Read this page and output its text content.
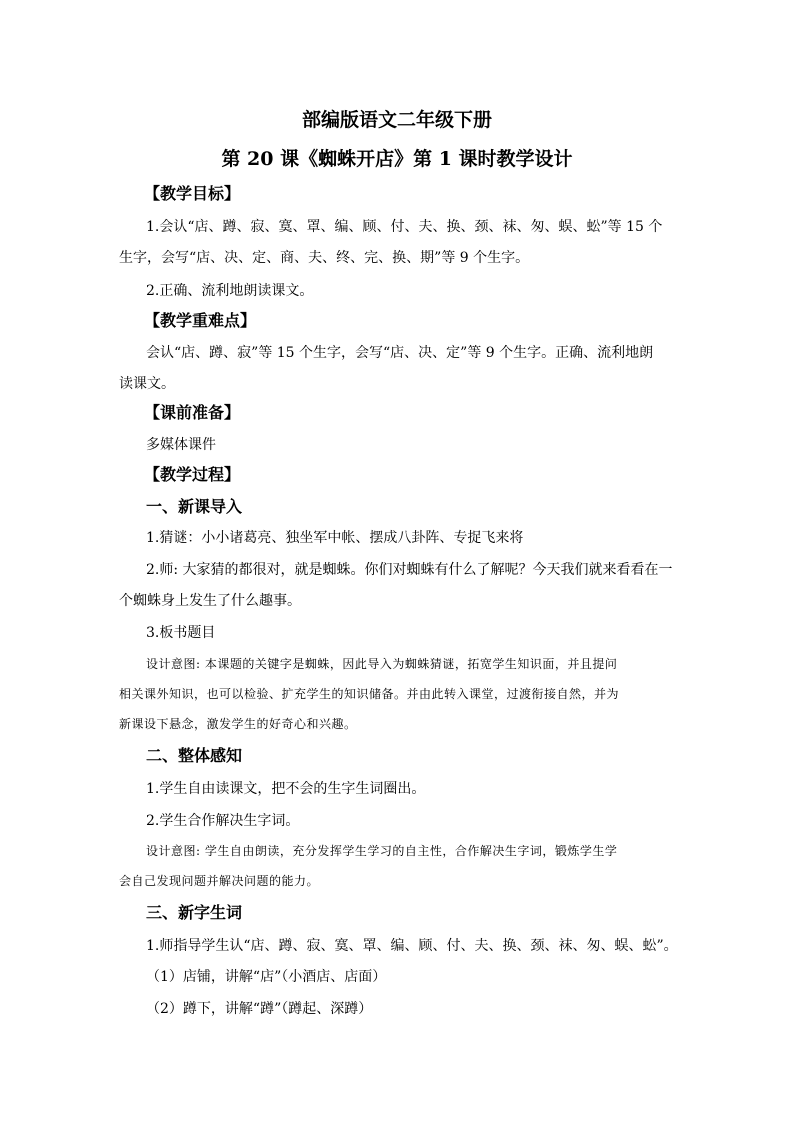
部编版语文二年级下册
第 20 课《蜘蛛开店》第 1 课时教学设计
【教学目标】
1.会认“店、蹲、寂、寞、罩、编、顾、付、夫、换、颈、袜、匆、蜈、蚣”等 15 个
生字，会写“店、决、定、商、夫、终、完、换、期”等 9 个生字。
2.正确、流利地朗读课文。
【教学重难点】
会认“店、蹲、寂”等 15 个生字，会写“店、决、定”等 9 个生字。正确、流利地朗
读课文。
【课前准备】
多媒体课件
【教学过程】
一、新课导入
1.猜谜：小小诸葛亮、独坐军中帐、摆成八卦阵、专捉飞来将
2.师: 大家猜的都很对，就是蜘蛛。你们对蜘蛛有什么了解呢？今天我们就来看看在一
个蜘蛛身上发生了什么趣事。
3.板书题目
设计意图: 本课题的关键字是蜘蛛，因此导入为蜘蛛猜谜，拓宽学生知识面，并且提问
相关课外知识，也可以检验、扩充学生的知识储备。并由此转入课堂，过渡衔接自然，并为
新课设下悬念，激发学生的好奇心和兴趣。
二、整体感知
1.学生自由读课文，把不会的生字生词圈出。
2.学生合作解决生字词。
设计意图: 学生自由朗读，充分发挥学生学习的自主性，合作解决生字词，锻炼学生学
会自己发现问题并解决问题的能力。
三、新字生词
1.师指导学生认“店、蹲、寂、寞、罩、编、顾、付、夫、换、颈、袜、匆、蜈、蚣”。
（1）店铺，讲解“店”（小酒店、店面）
（2）蹲下，讲解“蹲”（蹲起、深蹲）
